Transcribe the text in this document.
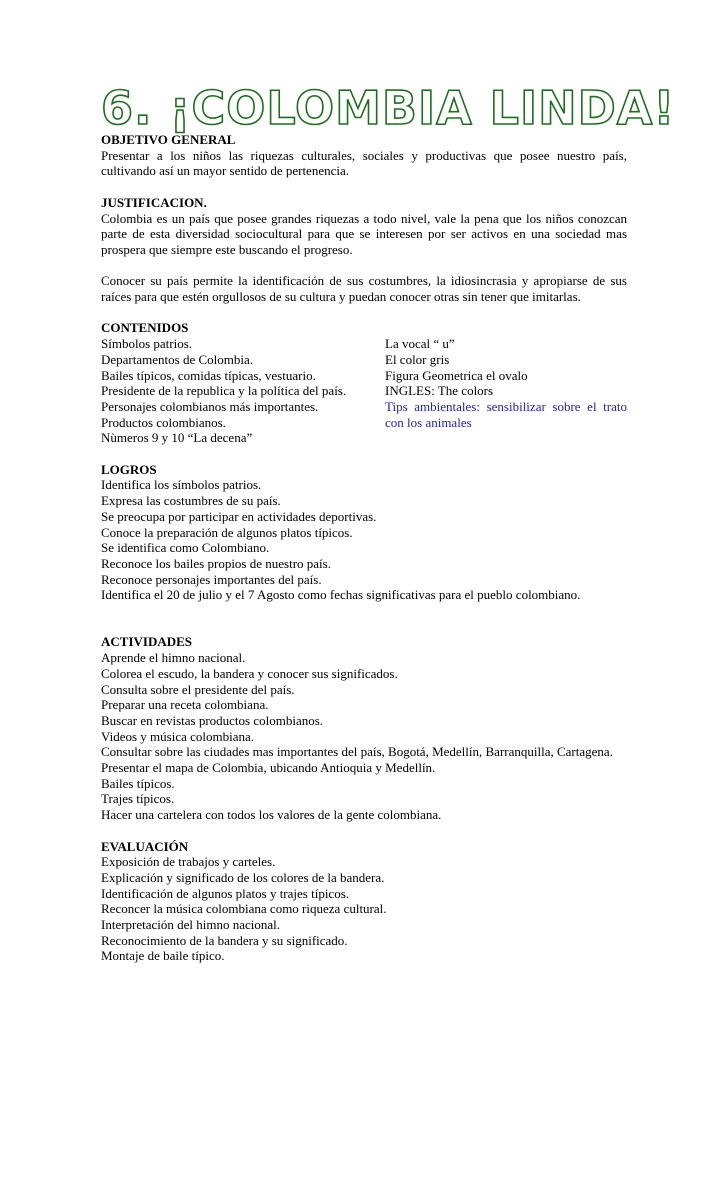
6. ¡COLOMBIA LINDA!
OBJETIVO GENERAL
Presentar a los niños las riquezas culturales, sociales y productivas que posee nuestro país, cultivando así un mayor sentido de pertenencia.
JUSTIFICACION.
Colombia es un país que posee grandes riquezas a todo nivel, vale la pena que los niños conozcan parte de esta diversidad sociocultural para que se interesen por ser activos en una sociedad mas prospera que siempre este buscando el progreso.
Conocer su país permite la identificación de sus costumbres, la idiosincrasia y apropiarse de sus raíces para que estén orgullosos de su cultura y puedan conocer otras sin tener que imitarlas.
CONTENIDOS
Símbolos patrios.
Departamentos de Colombia.
Bailes típicos, comidas típicas, vestuario.
Presidente de la republica y la política del país.
Personajes colombianos más importantes.
Productos colombianos.
Nùmeros 9 y 10 “La decena”
La vocal “ u”
El color gris
Figura Geometrica el ovalo
INGLES: The colors
Tips ambientales: sensibilizar sobre el trato con los animales
LOGROS
Identifica los símbolos patrios.
Expresa las costumbres de su país.
Se preocupa por participar en actividades deportivas.
Conoce la preparación de algunos platos típicos.
Se identifica como Colombiano.
Reconoce los bailes propios de nuestro país.
Reconoce personajes importantes del país.
Identifica el 20 de julio y el 7 Agosto como fechas significativas para el pueblo colombiano.
ACTIVIDADES
Aprende el himno nacional.
Colorea el escudo, la bandera y conocer sus significados.
Consulta sobre el presidente del país.
Preparar una receta colombiana.
Buscar en revistas productos colombianos.
Videos y música colombiana.
Consultar sobre las ciudades mas importantes del país, Bogotá, Medellín, Barranquilla, Cartagena.
Presentar el mapa de Colombia, ubicando Antioquia y Medellín.
Bailes típicos.
Trajes típicos.
Hacer una cartelera con todos los valores de la gente colombiana.
EVALUACIÓN
Exposición de trabajos y carteles.
Explicación y significado de los colores de la bandera.
Identificación de algunos platos y trajes típicos.
Reconcer la música colombiana como riqueza cultural.
Interpretación del himno nacional.
Reconocimiento de la bandera y su significado.
Montaje de baile típico.
